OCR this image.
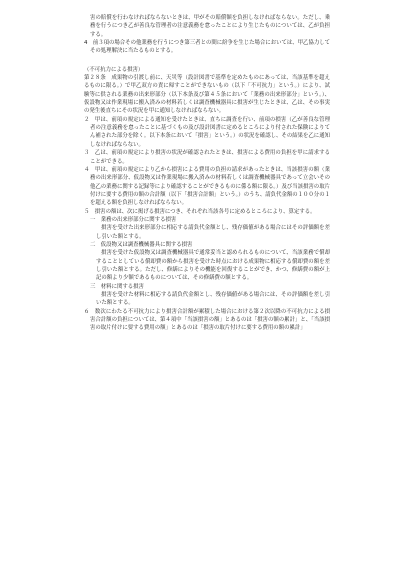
害の賠償を行わなければならないときは、甲がその賠償額を負担しなければならない。ただし、乗務を行うにつき乙が善良な管理者の注意義務を怠ったことにより生じたものについては、乙が負担する。

4　前３項の場合その他業務を行うにつき第三者との間に紛争を生じた場合においては、甲乙協力してその処理解決に当たるものとする。

（不可抗力による損害）

第２８条　成果物の引渡し前に、天災等（設計図書で基準を定めたものにあっては、当該基準を超えるものに限る。）で甲乙双方の責に帰すことができないもの（以下「不可抗力」という。）により、試験等に供される業務の出来形部分（以下本条及び第４５条において「業務の出来形部分」という。）、仮設物又は作業現場に搬入済みの材料若しくは調査機械器具に損害が生じたときは、乙は、その事実の発生後直ちにその状況を甲に通知しなければならない。

２　甲は、前項の規定による通知を受けたときは、直ちに調査を行い、前項の損害（乙が善良な管理者の注意義務を怠ったことに基づくもの及び設計図書に定めるところにより付された保険によりてん補された部分を除く。以下本条において「損害」という。）の状況を確認し、その結果を乙に通知しなければならない。

３　乙は、前項の規定により損害の状況が確認されたときは、損害による費用の負担を甲に請求することができる。

４　甲は、前項の規定により乙から損害による費用の負担の請求があったときは、当該損害の額（業務の出来形部分、仮設物又は作業現場に搬入済みの材料若しくは調査機械器具であって立会いその他乙の業務に関する記録等により確認することができるものに係る額に限る。）及び当該損害の取片付けに要する費用の額の合計額（以下「損害合計額」という。）のうち、請負代金額の１００分の１を超える額を負担しなければならない。

５　損害の額は、次に掲げる損害につき、それぞれ当該各号に定めるところにより、算定する。

一　業務の出来形部分に関する損害

損害を受けた出来形部分に相応する請負代金額とし、残存価値がある場合にはその評価額を差し引いた額とする。

二　仮設物又は調査機械器具に関する損害

損害を受けた仮設物又は調査機械器具で通常妥当と認められるものについて、当該業務で償却することとしている償却費の額から損害を受けた時点における成果物に相応する償却費の額を差し引いた額とする。ただし、修繕によりその機能を回復することができ、かつ、修繕費の額が上記の額より少額であるものについては、その修繕費の額とする。

三　材料に関する損害

損害を受けた材料に相応する請負代金額とし、残存価値がある場合には、その評価額を差し引いた額とする。

６　数次にわたる不可抗力により損害合計額が累積した場合における第２次以降の不可抗力による損害合計額の負担については、第４項中「当該損害の額」とあるのは「損害の額の累計」と、「当該損害の取片付けに要する費用の額」とあるのは「損害の取片付けに要する費用の額の累計」
